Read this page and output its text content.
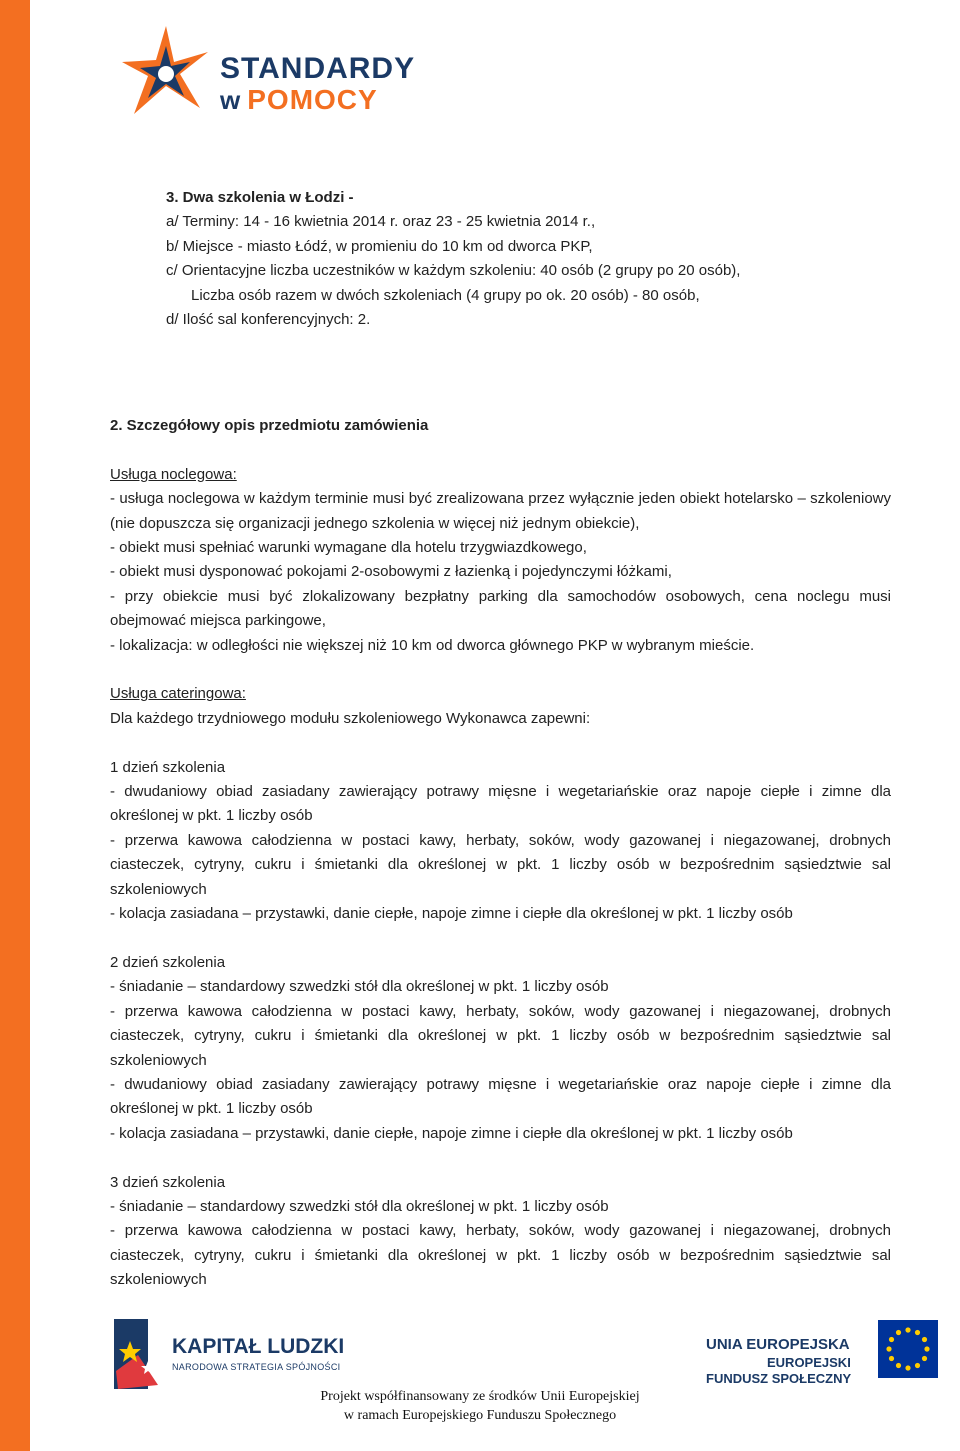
STANDARDY
w POMOCY
3. Dwa szkolenia w Łodzi -
a/ Terminy: 14 - 16 kwietnia 2014 r. oraz 23 - 25 kwietnia 2014 r.,
b/ Miejsce - miasto Łódź, w promieniu do 10 km od dworca PKP,
c/ Orientacyjne liczba uczestników w każdym szkoleniu: 40 osób (2 grupy po 20 osób),
Liczba osób razem w dwóch szkoleniach (4 grupy po ok. 20 osób) - 80 osób,
d/ Ilość sal konferencyjnych: 2.

2. Szczegółowy opis przedmiotu zamówienia

Usługa noclegowa:

- usługa noclegowa w każdym terminie musi być zrealizowana przez wyłącznie jeden obiekt hotelarsko – szkoleniowy (nie dopuszcza się organizacji jednego szkolenia w więcej niż jednym obiekcie),

- obiekt musi spełniać warunki wymagane dla hotelu trzygwiazdkowego,

- obiekt musi dysponować pokojami 2-osobowymi z łazienką i pojedynczymi łóżkami,

- przy obiekcie musi być zlokalizowany bezpłatny parking dla samochodów osobowych, cena noclegu musi obejmować miejsca parkingowe,

- lokalizacja: w odległości nie większej niż 10 km od dworca głównego PKP w wybranym mieście.

Usługa cateringowa:

Dla każdego trzydniowego modułu szkoleniowego Wykonawca zapewni:

1 dzień szkolenia

- dwudaniowy obiad zasiadany zawierający potrawy mięsne i wegetariańskie oraz napoje ciepłe i zimne dla określonej w pkt. 1 liczby osób

- przerwa kawowa całodzienna w postaci kawy, herbaty, soków, wody gazowanej i niegazowanej, drobnych ciasteczek, cytryny, cukru i śmietanki dla określonej w pkt. 1 liczby osób w bezpośrednim sąsiedztwie sal szkoleniowych

- kolacja zasiadana – przystawki, danie ciepłe, napoje zimne i ciepłe dla określonej w pkt. 1 liczby osób

2 dzień szkolenia

- śniadanie – standardowy szwedzki stół dla określonej w pkt. 1 liczby osób

- przerwa kawowa całodzienna w postaci kawy, herbaty, soków, wody gazowanej i niegazowanej, drobnych ciasteczek, cytryny, cukru i śmietanki dla określonej w pkt. 1 liczby osób w bezpośrednim sąsiedztwie sal szkoleniowych

- dwudaniowy obiad zasiadany zawierający potrawy mięsne i wegetariańskie oraz napoje ciepłe i zimne dla określonej w pkt. 1 liczby osób

- kolacja zasiadana – przystawki, danie ciepłe, napoje zimne i ciepłe dla określonej w pkt. 1 liczby osób

3 dzień szkolenia

- śniadanie – standardowy szwedzki stół dla określonej w pkt. 1 liczby osób

- przerwa kawowa całodzienna w postaci kawy, herbaty, soków, wody gazowanej i niegazowanej, drobnych ciasteczek, cytryny, cukru i śmietanki dla określonej w pkt. 1 liczby osób w bezpośrednim sąsiedztwie sal szkoleniowych

KAPITAŁ LUDZKI
NARODOWA STRATEGIA SPÓJNOŚCI
UNIA EUROPEJSKA
EUROPEJSKI
FUNDUSZ SPOŁECZNY
Projekt współfinansowany ze środków Unii Europejskiej
w ramach Europejskiego Funduszu Społecznego
